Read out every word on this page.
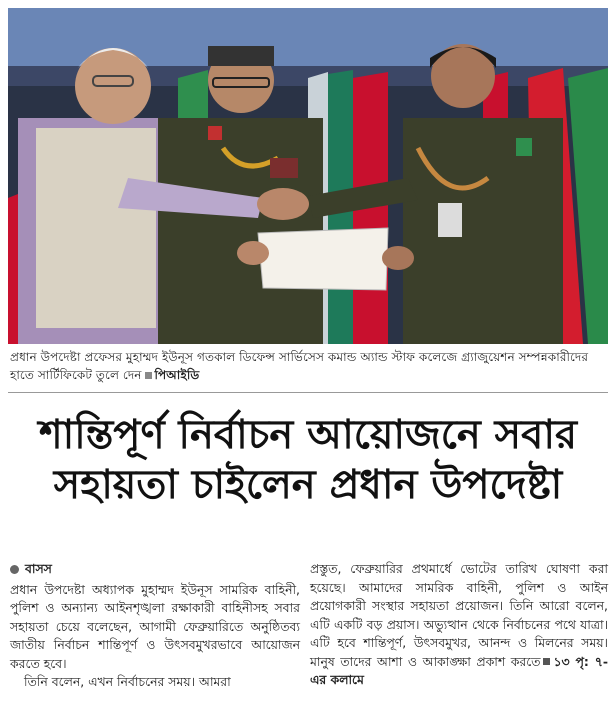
প্রধান উপদেষ্টা প্রফেসর মুহাম্মদ ইউনূস গতকাল ডিফেন্স সার্ভিসেস কমান্ড অ্যান্ড স্টাফ কলেজে গ্র্যাজুয়েশন সম্পন্নকারীদের হাতে সার্টিফিকেট তুলে দেন পিআইডি
শান্তিপূর্ণ নির্বাচন আয়োজনে সবার
সহায়তা চাইলেন প্রধান উপদেষ্টা
বাসস

প্রধান উপদেষ্টা অধ্যাপক মুহাম্মদ ইউনূস সামরিক বাহিনী, পুলিশ ও অন্যান্য আইনশৃঙ্খলা রক্ষাকারী বাহিনীসহ সবার সহায়তা চেয়ে বলেছেন, আগামী ফেব্রুয়ারিতে অনুষ্ঠিতব্য জাতীয় নির্বাচন শান্তিপূর্ণ ও উৎসবমুখরভাবে আয়োজন করতে হবে।

তিনি বলেন, এখন নির্বাচনের সময়। আমরা

প্রস্তুত, ফেব্রুয়ারির প্রথমার্ধে ভোটের তারিখ ঘোষণা করা হয়েছে। আমাদের সামরিক বাহিনী, পুলিশ ও আইন প্রয়োগকারী সংস্থার সহায়তা প্রয়োজন। তিনি আরো বলেন, এটি একটি বড় প্রয়াস। অভ্যুত্থান থেকে নির্বাচনের পথে যাত্রা। এটি হবে শান্তিপূর্ণ, উৎসবমুখর, আনন্দ ও মিলনের সময়। মানুষ তাদের আশা ও আকাঙ্ক্ষা প্রকাশ করতে ১৩ পৃ: ৭-এর কলামে
